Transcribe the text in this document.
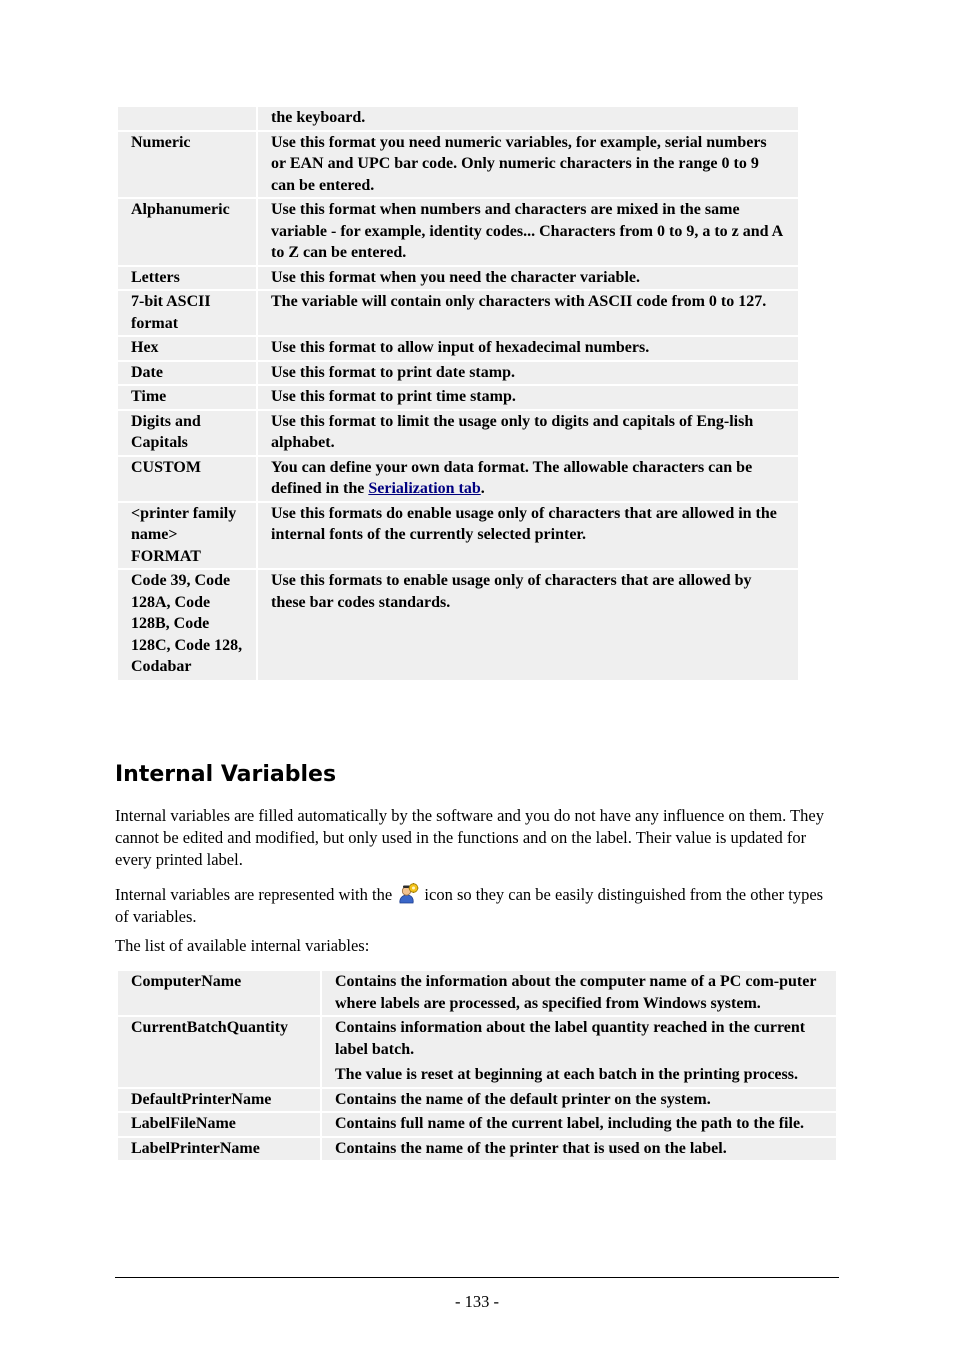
	the keyboard.
Numeric	Use this format you need numeric variables, for example, serial numbers or EAN and UPC bar code. Only numeric characters in the range 0 to 9 can be entered.
Alphanumeric	Use this format when numbers and characters are mixed in the same variable - for example, identity codes... Characters from 0 to 9, a to z and A to Z can be entered.
Letters	Use this format when you need the character variable.
7-bit ASCII format	The variable will contain only characters with ASCII code from 0 to 127.
Hex	Use this format to allow input of hexadecimal numbers.
Date	Use this format to print date stamp.
Time	Use this format to print time stamp.
Digits and Capitals	Use this format to limit the usage only to digits and capitals of Eng-lish alphabet.
CUSTOM	You can define your own data format. The allowable characters can be defined in the Serialization tab.
<printer family name> FORMAT	Use this formats do enable usage only of characters that are allowed in the internal fonts of the currently selected printer.
Code 39, Code 128A, Code 128B, Code 128C, Code 128, Codabar	Use this formats to enable usage only of characters that are allowed by these bar codes standards.
Internal Variables

Internal variables are filled automatically by the software and you do not have any influence on them. They cannot be edited and modified, but only used in the functions and on the label. Their value is updated for every printed label.

Internal variables are represented with the icon so they can be easily distinguished from the other types of variables.

The list of available internal variables:

ComputerName	Contains the information about the computer name of a PC com-puter where labels are processed, as specified from Windows system.

CurrentBatchQuantity	Contains information about the label quantity reached in the current label batch.

The value is reset at beginning at each batch in the printing process.

DefaultPrinterName	Contains the name of the default printer on the system.

LabelFileName	Contains full name of the current label, including the path to the file.

LabelPrinterName	Contains the name of the printer that is used on the label.

- 133 -
